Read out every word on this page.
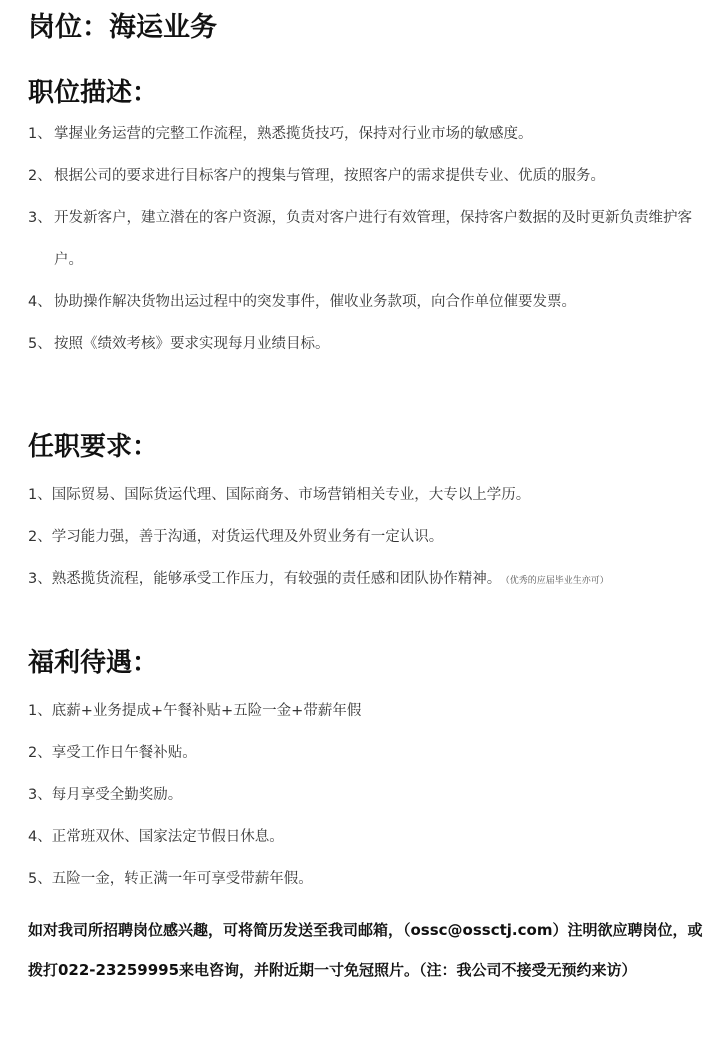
岗位：海运业务
职位描述：
1、 掌握业务运营的完整工作流程，熟悉揽货技巧，保持对行业市场的敏感度。
2、 根据公司的要求进行目标客户的搜集与管理，按照客户的需求提供专业、优质的服务。
3、 开发新客户，建立潜在的客户资源，负责对客户进行有效管理，保持客户数据的及时更新负责维护客户。
4、 协助操作解决货物出运过程中的突发事件，催收业务款项，向合作单位催要发票。
5、 按照《绩效考核》要求实现每月业绩目标。
任职要求：
1、 国际贸易、国际货运代理、国际商务、市场营销相关专业，大专以上学历。
2、 学习能力强，善于沟通，对货运代理及外贸业务有一定认识。
3、 熟悉揽货流程，能够承受工作压力，有较强的责任感和团队协作精神。 （优秀的应届毕业生亦可）
福利待遇：
1、 底薪+业务提成+午餐补贴+五险一金+带薪年假
2、 享受工作日午餐补贴。
3、 每月享受全勤奖励。
4、 正常班双休、国家法定节假日休息。
5、 五险一金，转正满一年可享受带薪年假。
如对我司所招聘岗位感兴趣，可将简历发送至我司邮箱，（ossc@ossctj.com）注明欲应聘岗位，或拨打022-23259995来电咨询，并附近期一寸免冠照片。（注：我公司不接受无预约来访）
